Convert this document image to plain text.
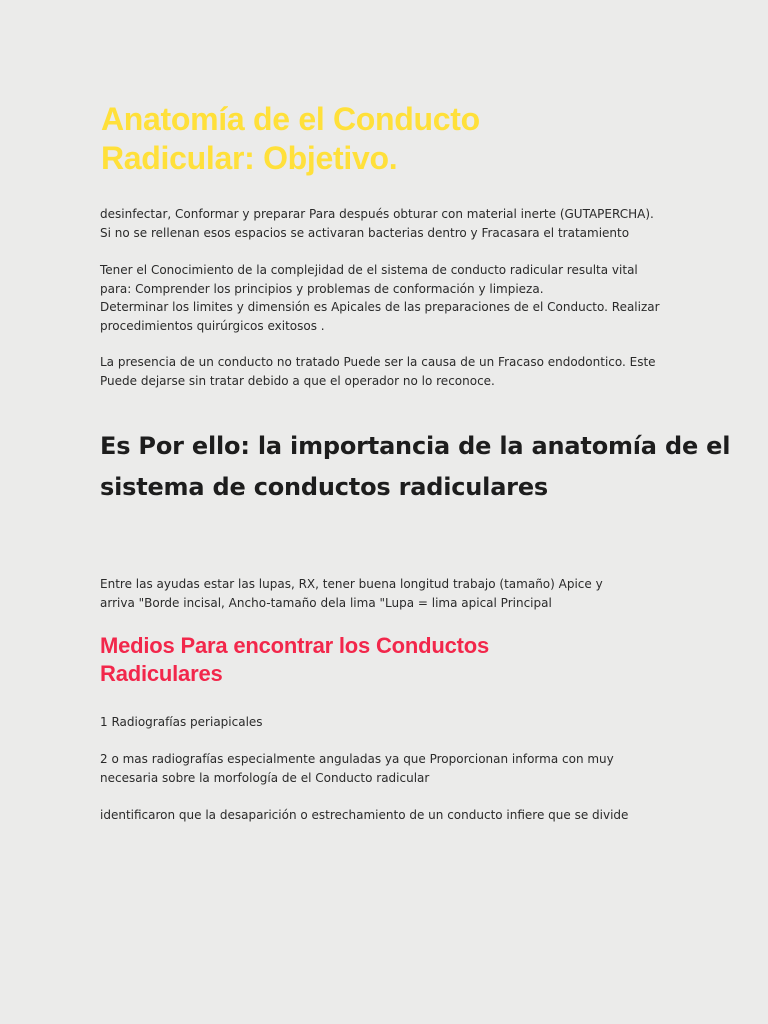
Anatomía de el Conducto
Radicular: Objetivo.

desinfectar, Conformar y preparar Para después obturar con material inerte (GUTAPERCHA).
Si no se rellenan esos espacios se activaran bacterias dentro y Fracasara el tratamiento

Tener el Conocimiento de la complejidad de el sistema de conducto radicular resulta vital
para: Comprender los principios y problemas de conformación y limpieza.
Determinar los limites y dimensión es Apicales de las preparaciones de el Conducto. Realizar
procedimientos quirúrgicos exitosos .

La presencia de un conducto no tratado Puede ser la causa de un Fracaso endodontico. Este
Puede dejarse sin tratar debido a que el operador no lo reconoce.

Es Por ello: la importancia de la anatomía de el
sistema de conductos radiculares

Entre las ayudas estar las lupas, RX, tener buena longitud trabajo (tamaño) Apice y
arriva "Borde incisal, Ancho-tamaño dela lima "Lupa = lima apical Principal

Medios Para encontrar los Conductos
Radiculares

1 Radiografías periapicales

2 o mas radiografías especialmente anguladas ya que Proporcionan informa con muy
necesaria sobre la morfología de el Conducto radicular

identificaron que la desaparición o estrechamiento de un conducto infiere que se divide
